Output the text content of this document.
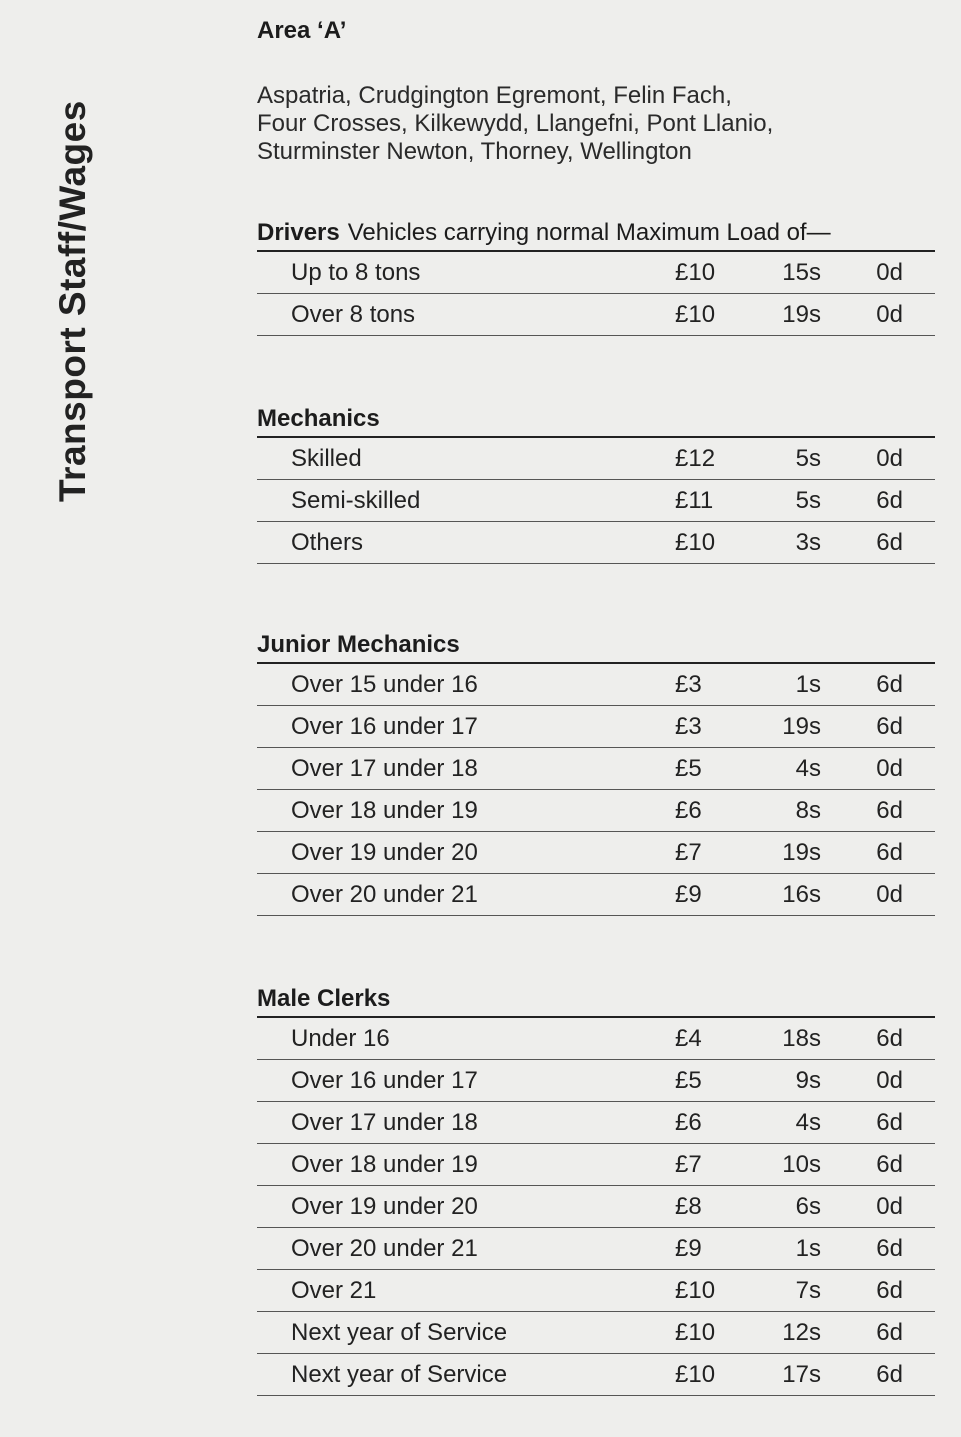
Transport Staff/Wages
Area ‘A’
Aspatria, Crudgington Egremont, Felin Fach,
Four Crosses, Kilkewydd, Llangefni, Pont Llanio,
Sturminster Newton, Thorney, Wellington
Drivers Vehicles carrying normal Maximum Load of—
Up to 8 tons	£10	15s	0d
Over 8 tons	£10	19s	0d
Mechanics
Skilled	£12	5s	0d
Semi-skilled	£11	5s	6d
Others	£10	3s	6d
Junior Mechanics
Over 15 under 16	£3	1s	6d
Over 16 under 17	£3	19s	6d
Over 17 under 18	£5	4s	0d
Over 18 under 19	£6	8s	6d
Over 19 under 20	£7	19s	6d
Over 20 under 21	£9	16s	0d
Male Clerks
Under 16	£4	18s	6d
Over 16 under 17	£5	9s	0d
Over 17 under 18	£6	4s	6d
Over 18 under 19	£7	10s	6d
Over 19 under 20	£8	6s	0d
Over 20 under 21	£9	1s	6d
Over 21	£10	7s	6d
Next year of Service	£10	12s	6d
Next year of Service	£10	17s	6d
